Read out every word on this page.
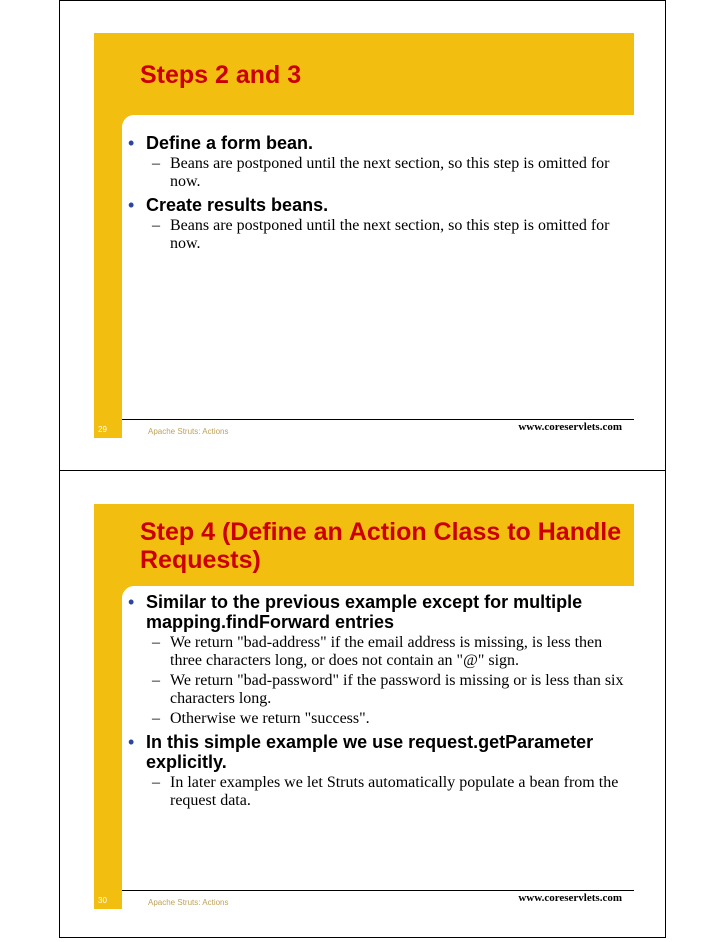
Steps 2 and 3
• Define a form bean.
– Beans are postponed until the next section, so this step is omitted for now.
• Create results beans.
– Beans are postponed until the next section, so this step is omitted for now.
29	Apache Struts: Actions	www.coreservlets.com
Step 4 (Define an Action Class to Handle Requests)
• Similar to the previous example except for multiple mapping.findForward entries
– We return "bad-address" if the email address is missing, is less then three characters long, or does not contain an "@" sign.
– We return "bad-password" if the password is missing or is less than six characters long.
– Otherwise we return "success".
• In this simple example we use request.getParameter explicitly.
– In later examples we let Struts automatically populate a bean from the request data.
30	Apache Struts: Actions	www.coreservlets.com
